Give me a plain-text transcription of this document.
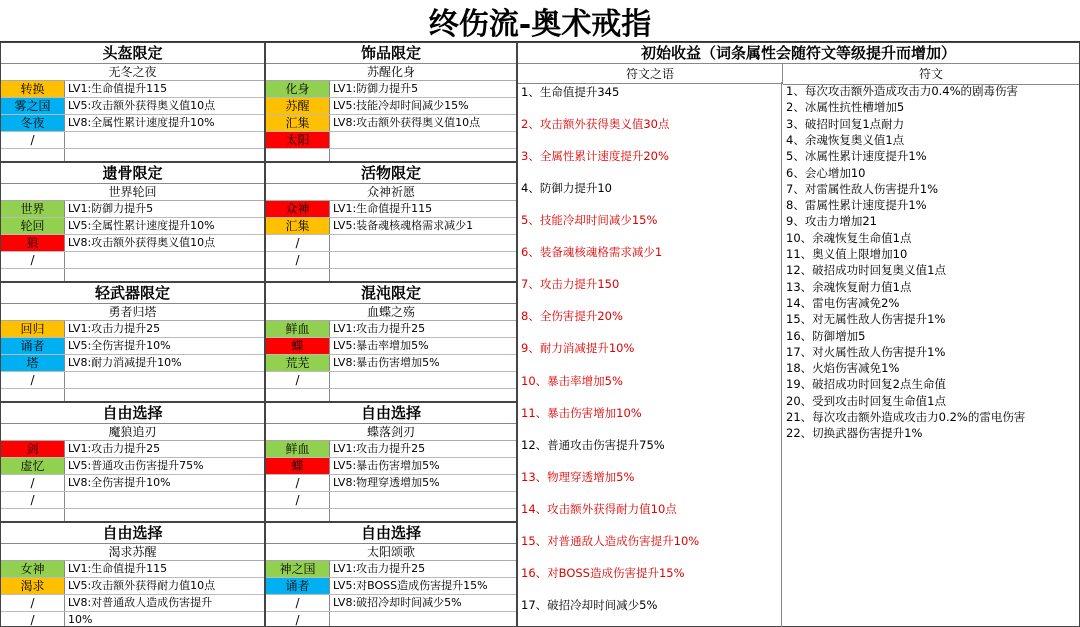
终伤流-奥术戒指
头盔限定
无冬之夜
转换	LV1:生命值提升115
雾之国	LV5:攻击额外获得奥义值10点
冬夜	LV8:全属性累计速度提升10%
/
饰品限定
苏醒化身
化身	LV1:防御力提升5
苏醒	LV5:技能冷却时间减少15%
汇集	LV8:攻击额外获得奥义值10点
太阳
遗骨限定
世界轮回
世界	LV1:防御力提升5
轮回	LV5:全属性累计速度提升10%
狼	LV8:攻击额外获得奥义值10点
/
活物限定
众神祈愿
众神	LV1:生命值提升115
汇集	LV5:装备魂核魂格需求减少1
/
/
轻武器限定
勇者归塔
回归	LV1:攻击力提升25
诵者	LV5:全伤害提升10%
塔	LV8:耐力消减提升10%
/
混沌限定
血蝶之殇
鲜血	LV1:攻击力提升25
蝶	LV5:暴击率增加5%
荒芜	LV8:暴击伤害增加5%
/
自由选择
魔狼追刃
剑	LV1:攻击力提升25
虚忆	LV5:普通攻击伤害提升75%
/	LV8:全伤害提升10%
/
自由选择
蝶落剑刃
鲜血	LV1:攻击力提升25
蝶	LV5:暴击伤害增加5%
/	LV8:物理穿透增加5%
/
自由选择
渴求苏醒
女神	LV1:生命值提升115
渴求	LV5:攻击额外获得耐力值10点
/	LV8:对普通敌人造成伤害提升
/	10%
自由选择
太阳颂歌
神之国	LV1:攻击力提升25
诵者	LV5:对BOSS造成伤害提升15%
/	LV8:破招冷却时间减少5%
/
初始收益（词条属性会随符文等级提升而增加）
符文之语	符文
1、生命值提升345
2、攻击额外获得奥义值30点
3、全属性累计速度提升20%
4、防御力提升10
5、技能冷却时间减少15%
6、装备魂核魂格需求减少1
7、攻击力提升150
8、全伤害提升20%
9、耐力消减提升10%
10、暴击率增加5%
11、暴击伤害增加10%
12、普通攻击伤害提升75%
13、物理穿透增加5%
14、攻击额外获得耐力值10点
15、对普通敌人造成伤害提升10%
16、对BOSS造成伤害提升15%
17、破招冷却时间减少5%
1、每次攻击额外造成攻击力0.4%的剧毒伤害
2、冰属性抗性槽增加5
3、破招时回复1点耐力
4、余魂恢复奥义值1点
5、冰属性累计速度提升1%
6、会心增加10
7、对雷属性敌人伤害提升1%
8、雷属性累计速度提升1%
9、攻击力增加21
10、余魂恢复生命值1点
11、奥义值上限增加10
12、破招成功时回复奥义值1点
13、余魂恢复耐力值1点
14、雷电伤害减免2%
15、对无属性敌人伤害提升1%
16、防御增加5
17、对火属性敌人伤害提升1%
18、火焰伤害减免1%
19、破招成功时回复2点生命值
20、受到攻击时回复生命值1点
21、每次攻击额外造成攻击力0.2%的雷电伤害
22、切换武器伤害提升1%
